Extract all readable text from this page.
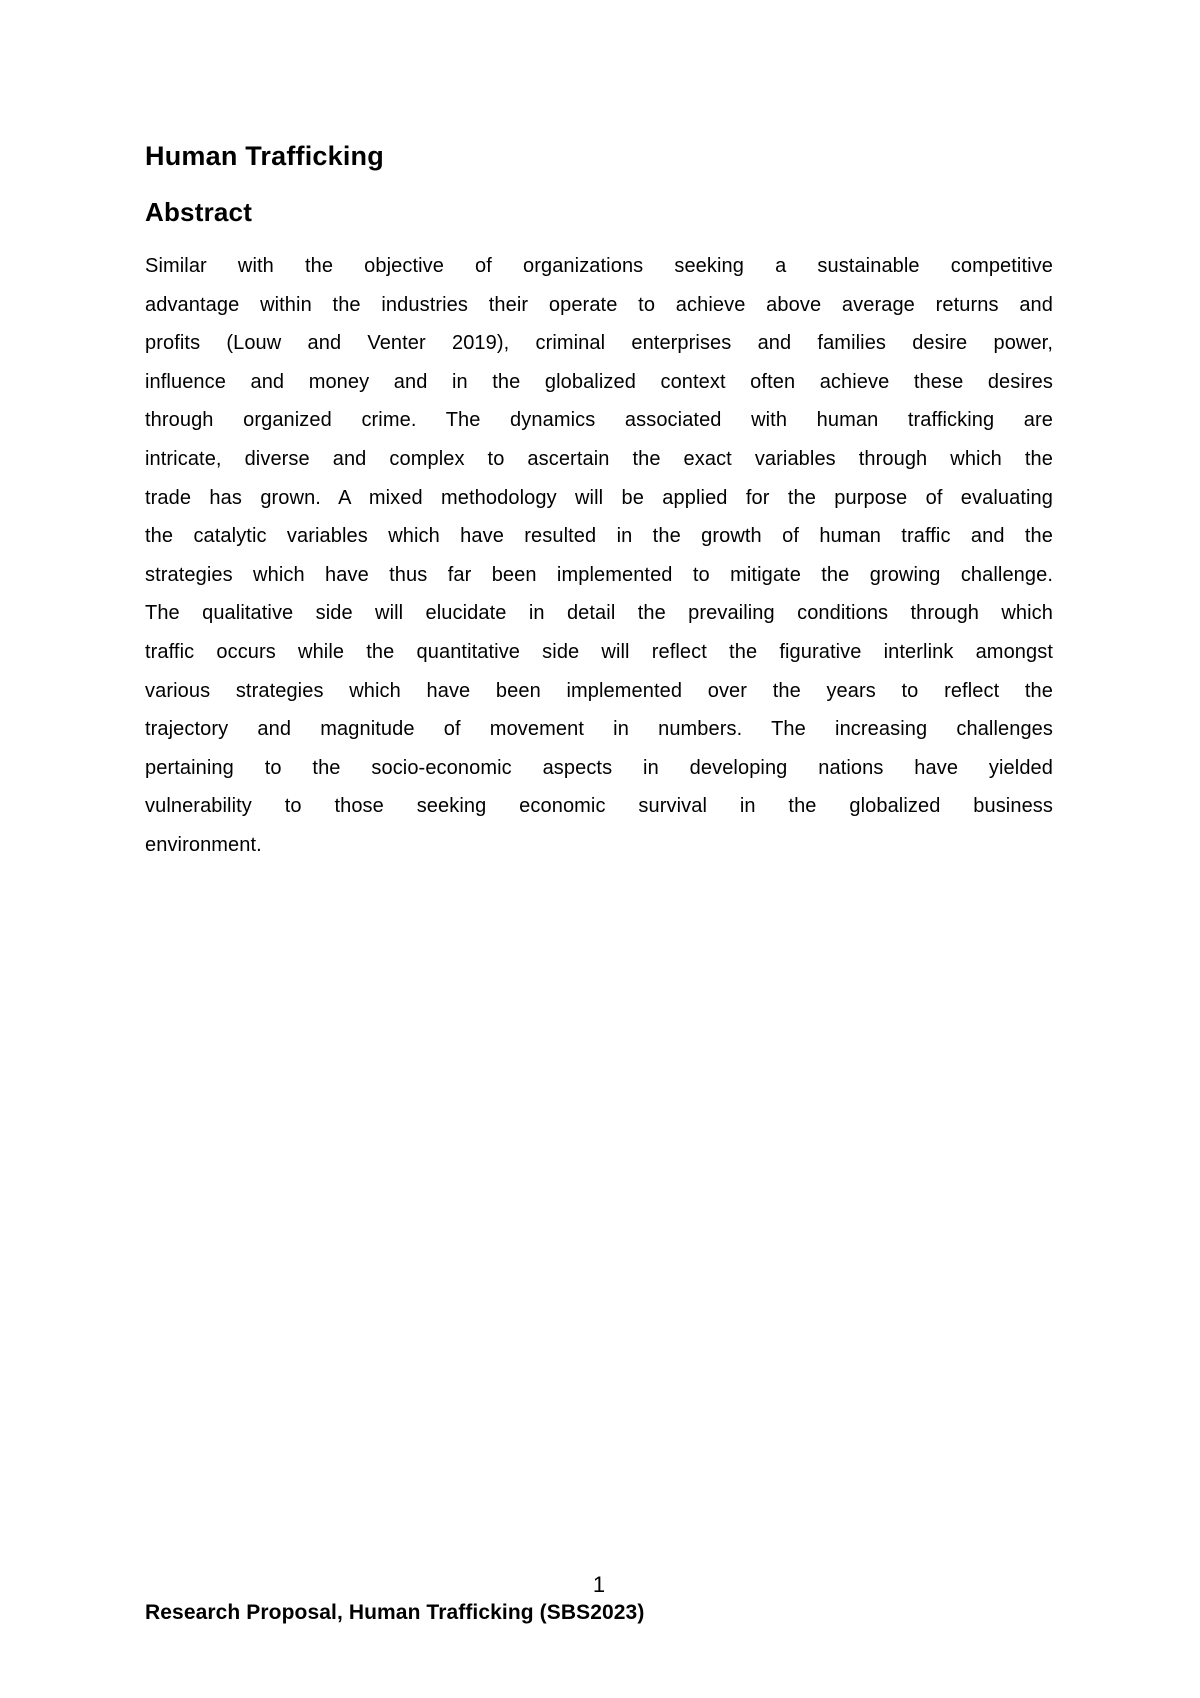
Human Trafficking
Abstract
Similar with the objective of organizations seeking a sustainable competitive
advantage within the industries their operate to achieve above average returns and
profits (Louw and Venter 2019), criminal enterprises and families desire power,
influence and money and in the globalized context often achieve these desires
through organized crime. The dynamics associated with human trafficking are
intricate, diverse and complex to ascertain the exact variables through which the
trade has grown. A mixed methodology will be applied for the purpose of evaluating
the catalytic variables which have resulted in the growth of human traffic and the
strategies which have thus far been implemented to mitigate the growing challenge.
The qualitative side will elucidate in detail the prevailing conditions through which
traffic occurs while the quantitative side will reflect the figurative interlink amongst
various strategies which have been implemented over the years to reflect the
trajectory and magnitude of movement in numbers. The increasing challenges
pertaining to the socio-economic aspects in developing nations have yielded
vulnerability to those seeking economic survival in the globalized business
environment.
1
Research Proposal, Human Trafficking (SBS2023)
